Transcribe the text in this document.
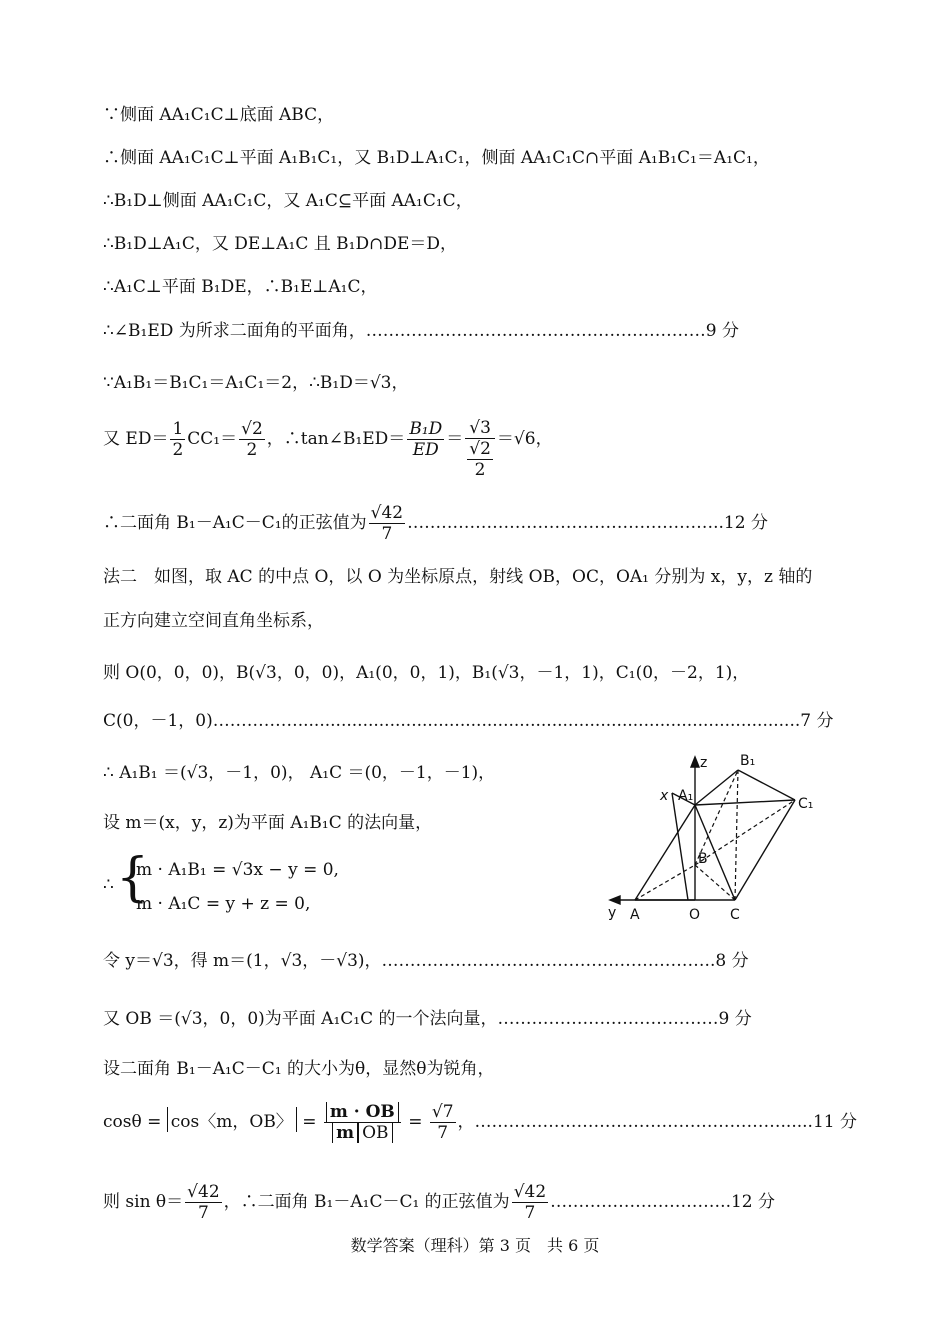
∵侧面 AA₁C₁C⊥底面 ABC，
∴侧面 AA₁C₁C⊥平面 A₁B₁C₁，又 B₁D⊥A₁C₁，侧面 AA₁C₁C∩平面 A₁B₁C₁＝A₁C₁，
∴B₁D⊥侧面 AA₁C₁C，又 A₁C⊆平面 AA₁C₁C，
∴B₁D⊥A₁C，又 DE⊥A₁C 且 B₁D∩DE＝D，
∴A₁C⊥平面 B₁DE，∴B₁E⊥A₁C，
∴∠B₁ED 为所求二面角的平面角，……………………………………………………9 分
∵A₁B₁＝B₁C₁＝A₁C₁＝2，∴B₁D＝√3，
又 $ED= \frac{1}{2} CC_1= \frac{√2}{2}$ ，∴tan∠B₁ED＝ $\frac{\text{B₁D}}{ED} = \frac{√3}{\frac{√2}{2}} =√6$，
∴二面角 B₁－A₁C－C₁的正弦值为 $\frac{√42}{7}$ ………………………………………………..12 分
法二　如图，取 AC 的中点 O，以 O 为坐标原点，射线 OB，OC，OA₁ 分别为 x，y，z 轴的
正方向建立空间直角坐标系，
则 O(0，0，0)，B(√3，0，0)，A₁(0，0，1)，B₁(√3，－1，1)，C₁(0，－2，1)，
C(0，－1，0)…………….............................................................................................7 分
∴ A₁B₁ ＝(√3，－1，0)， A₁C ＝(0，－1，－1)，
设 m＝(x，y，z)为平面 A₁B₁C 的法向量，
∴ {
m · A₁B₁ = √3x − y = 0,
m · A₁C = y + z = 0,
令 y＝√3，得 m＝(1，√3，－√3)，…………………………………………………..8 分
又 OB ＝(√3，0，0)为平面 A₁C₁C 的一个法向量，…………………………………9 分
设二面角 B₁－A₁C－C₁ 的大小为θ，显然θ为锐角，
cosθ = cos〈m，OB〉 = $\frac{m \cdot OB}{\text{m OB}} = \frac{√7}{7}$ ，………………………………………………......11 分
则 $\sin \theta= \frac{√42}{7}$ ，∴二面角 B₁－A₁C－C₁ 的正弦值为 $\frac{√42}{7}$ …………………………..12 分
数学答案（理科）第 3 页　共 6 页
z
x
y
A₁
B₁
C₁
A	O C
B
